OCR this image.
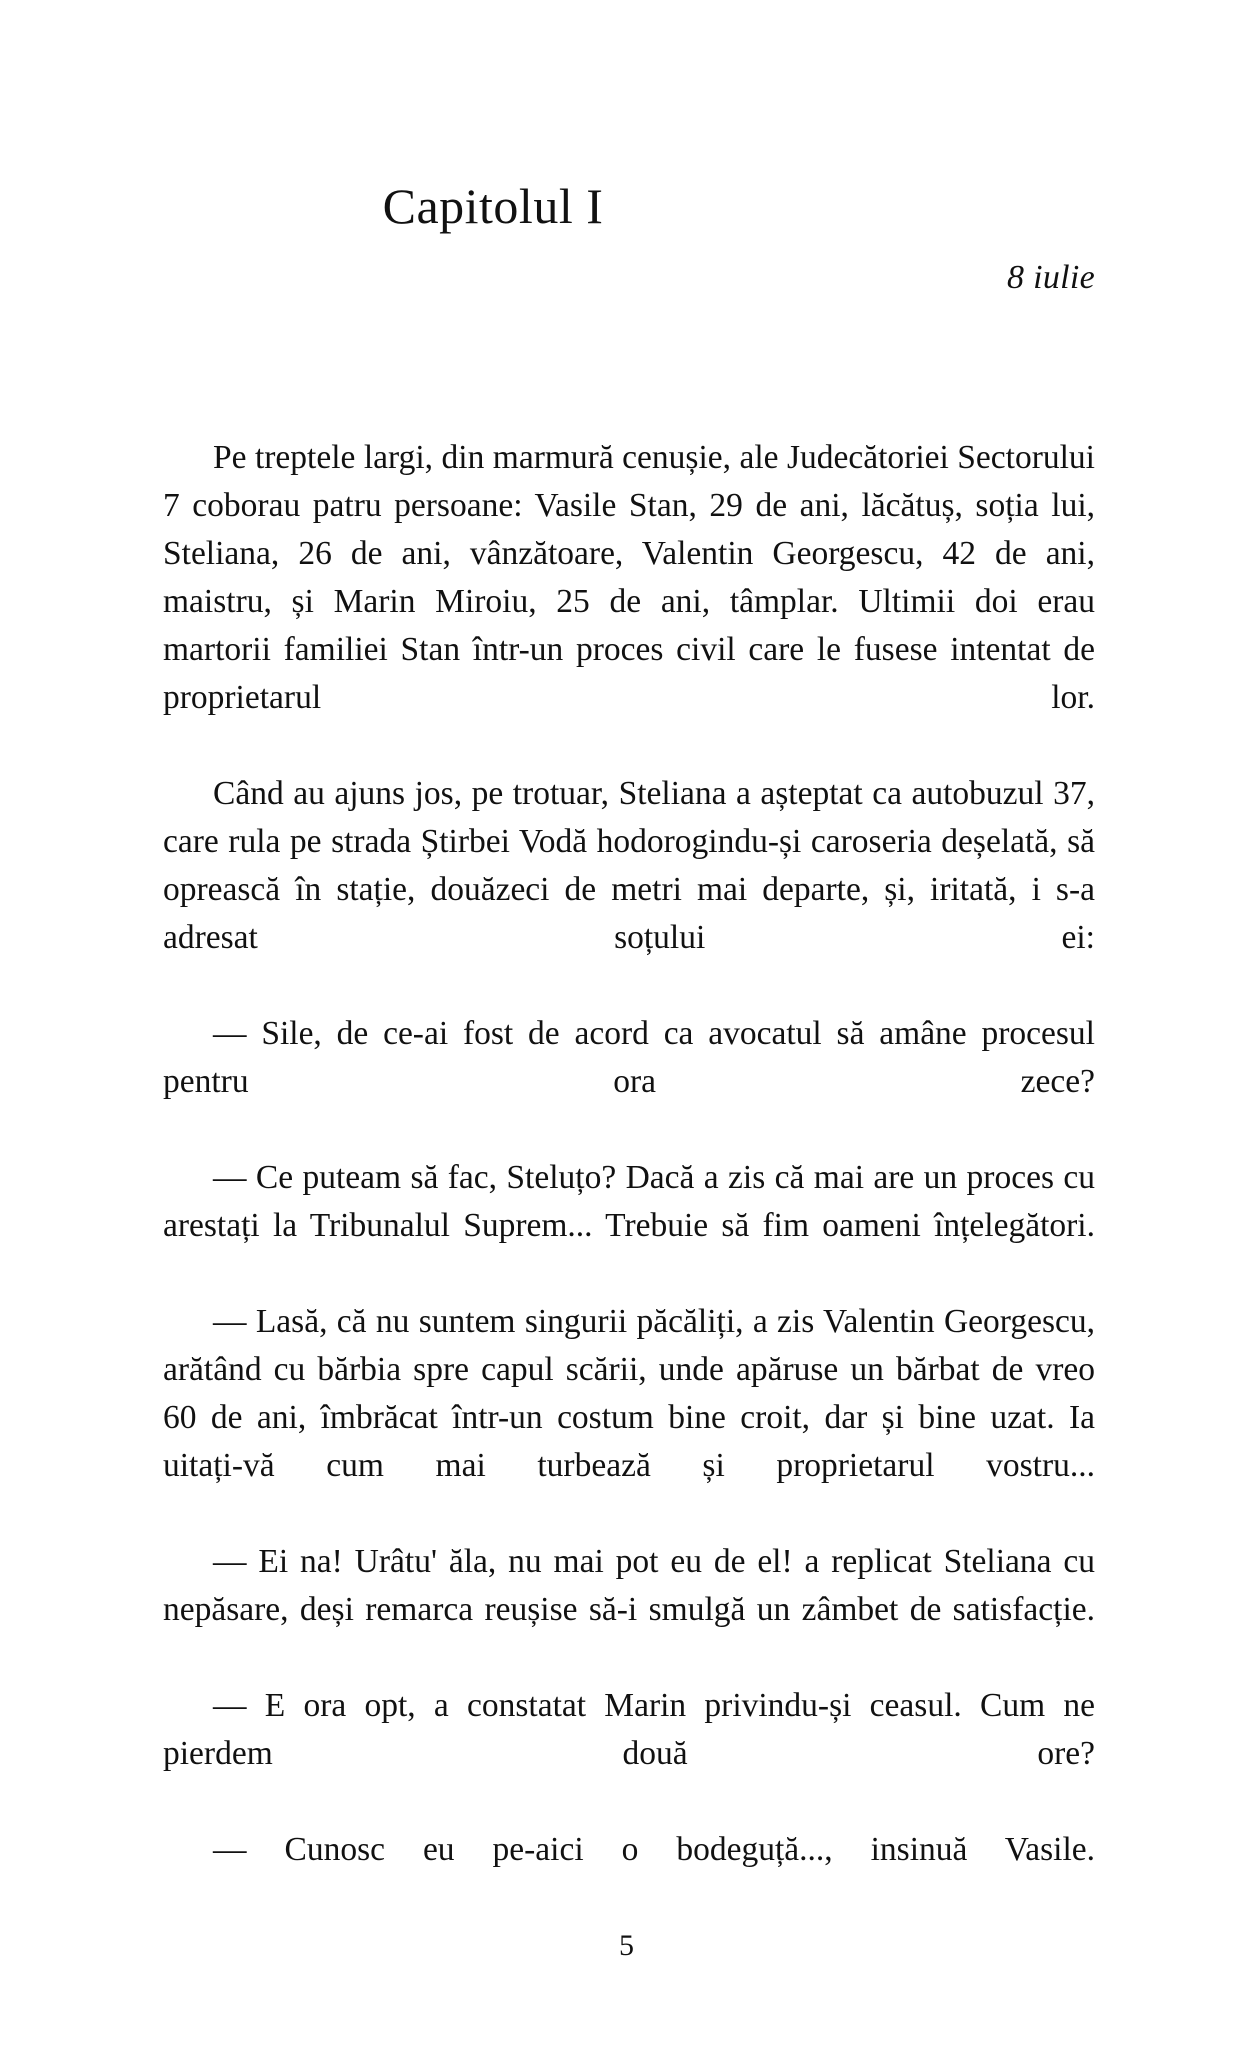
Capitolul I
8 iulie

Pe treptele largi, din marmură cenușie, ale Judecătoriei Sectorului 7 coborau patru persoane: Vasile Stan, 29 de ani, lăcătuș, soția lui, Steliana, 26 de ani, vânzătoare, Valentin Georgescu, 42 de ani, maistru, și Marin Miroiu, 25 de ani, tâmplar. Ultimii doi erau martorii familiei Stan într-un proces civil care le fusese intentat de proprietarul lor.

Când au ajuns jos, pe trotuar, Steliana a așteptat ca autobuzul 37, care rula pe strada Știrbei Vodă hodorogindu-și caroseria deșelată, să oprească în stație, douăzeci de metri mai departe, și, iritată, i s-a adresat soțului ei:

— Sile, de ce-ai fost de acord ca avocatul să amâne procesul pentru ora zece?

— Ce puteam să fac, Steluțo? Dacă a zis că mai are un proces cu arestați la Tribunalul Suprem... Trebuie să fim oameni înțelegători.

— Lasă, că nu suntem singurii păcăliți, a zis Valentin Georgescu, arătând cu bărbia spre capul scării, unde apăruse un bărbat de vreo 60 de ani, îmbrăcat într-un costum bine croit, dar și bine uzat. Ia uitați-vă cum mai turbează și proprietarul vostru...

— Ei na! Urâtu' ăla, nu mai pot eu de el! a replicat Steliana cu nepăsare, deși remarca reușise să-i smulgă un zâmbet de satisfacție.

— E ora opt, a constatat Marin privindu-și ceasul. Cum ne pierdem două ore?

— Cunosc eu pe-aici o bodeguță..., insinuă Vasile.

5
